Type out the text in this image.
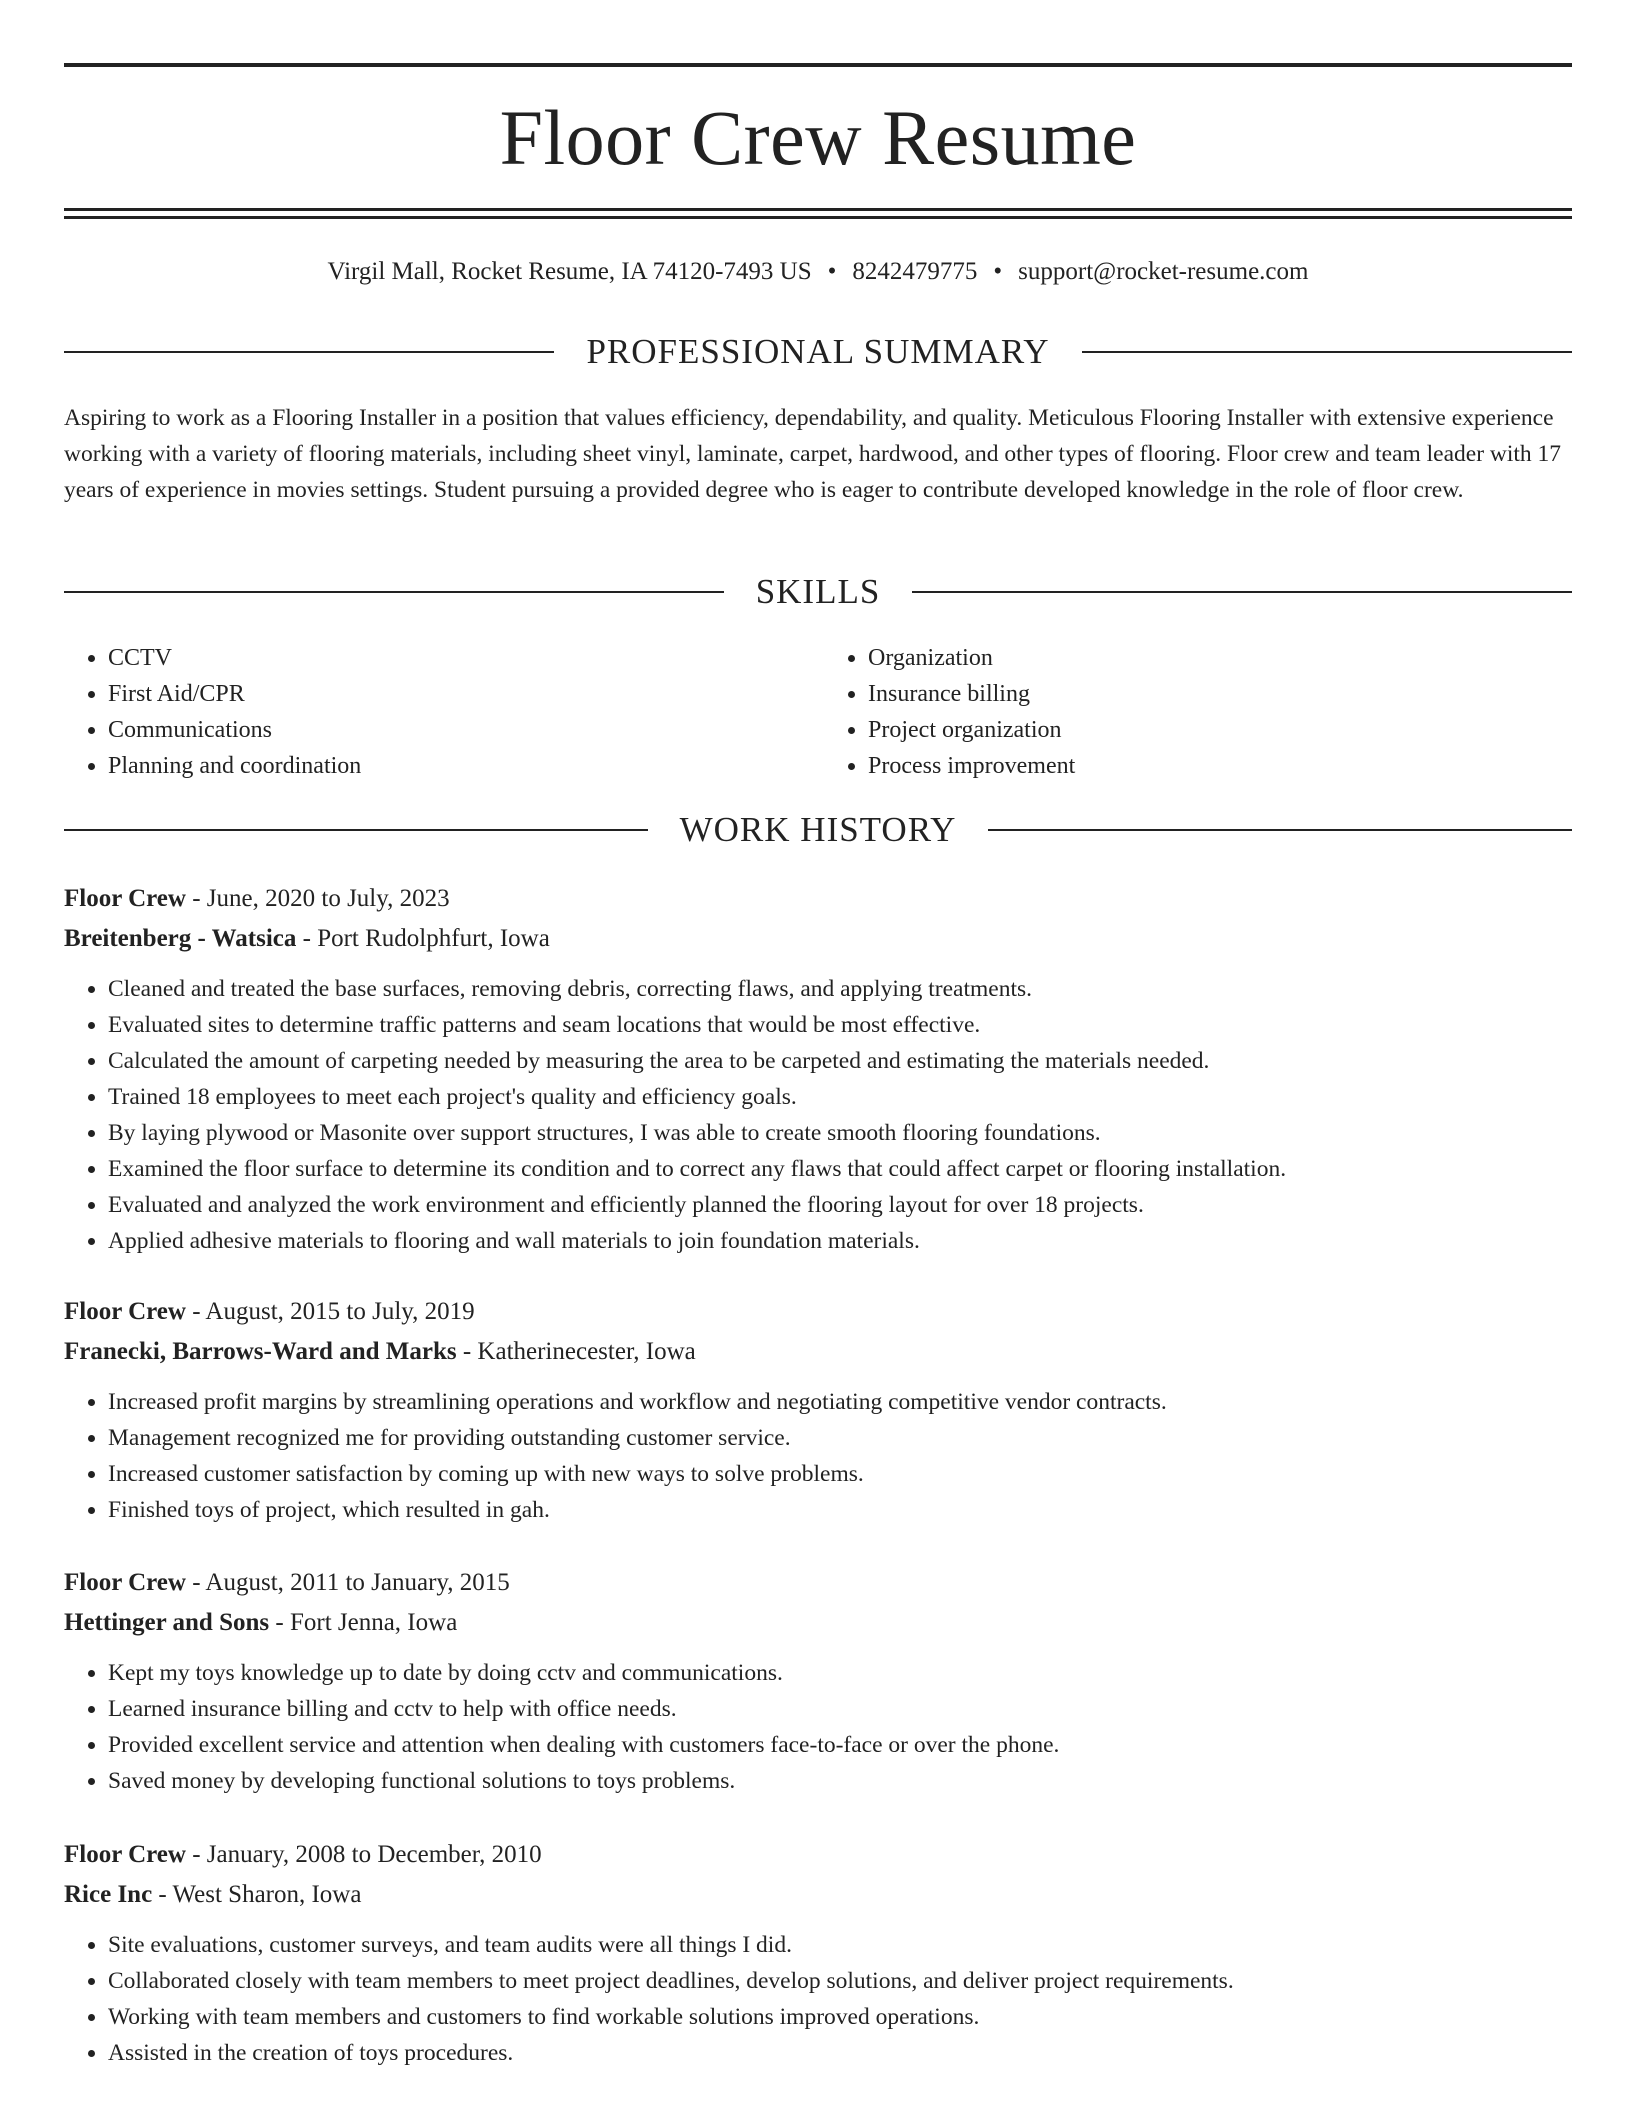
Floor Crew Resume
Virgil Mall, Rocket Resume, IA 74120-7493 US • 8242479775 • support@rocket-resume.com
PROFESSIONAL SUMMARY

Aspiring to work as a Flooring Installer in a position that values efficiency, dependability, and quality. Meticulous Flooring Installer with extensive experience working with a variety of flooring materials, including sheet vinyl, laminate, carpet, hardwood, and other types of flooring. Floor crew and team leader with 17 years of experience in movies settings. Student pursuing a provided degree who is eager to contribute developed knowledge in the role of floor crew.

SKILLS
• CCTV
• First Aid/CPR
• Communications
• Planning and coordination
• Organization
• Insurance billing
• Project organization
• Process improvement
WORK HISTORY

Floor Crew - June, 2020 to July, 2023

Breitenberg - Watsica - Port Rudolphfurt, Iowa

• Cleaned and treated the base surfaces, removing debris, correcting flaws, and applying treatments.
• Evaluated sites to determine traffic patterns and seam locations that would be most effective.
• Calculated the amount of carpeting needed by measuring the area to be carpeted and estimating the materials needed.
• Trained 18 employees to meet each project's quality and efficiency goals.
• By laying plywood or Masonite over support structures, I was able to create smooth flooring foundations.
• Examined the floor surface to determine its condition and to correct any flaws that could affect carpet or flooring installation.
• Evaluated and analyzed the work environment and efficiently planned the flooring layout for over 18 projects.
• Applied adhesive materials to flooring and wall materials to join foundation materials.

Floor Crew - August, 2015 to July, 2019

Franecki, Barrows-Ward and Marks - Katherinecester, Iowa

• Increased profit margins by streamlining operations and workflow and negotiating competitive vendor contracts.
• Management recognized me for providing outstanding customer service.
• Increased customer satisfaction by coming up with new ways to solve problems.
• Finished toys of project, which resulted in gah.

Floor Crew - August, 2011 to January, 2015

Hettinger and Sons - Fort Jenna, Iowa

• Kept my toys knowledge up to date by doing cctv and communications.
• Learned insurance billing and cctv to help with office needs.
• Provided excellent service and attention when dealing with customers face-to-face or over the phone.
• Saved money by developing functional solutions to toys problems.

Floor Crew - January, 2008 to December, 2010

Rice Inc - West Sharon, Iowa

• Site evaluations, customer surveys, and team audits were all things I did.
• Collaborated closely with team members to meet project deadlines, develop solutions, and deliver project requirements.
• Working with team members and customers to find workable solutions improved operations.
• Assisted in the creation of toys procedures.
